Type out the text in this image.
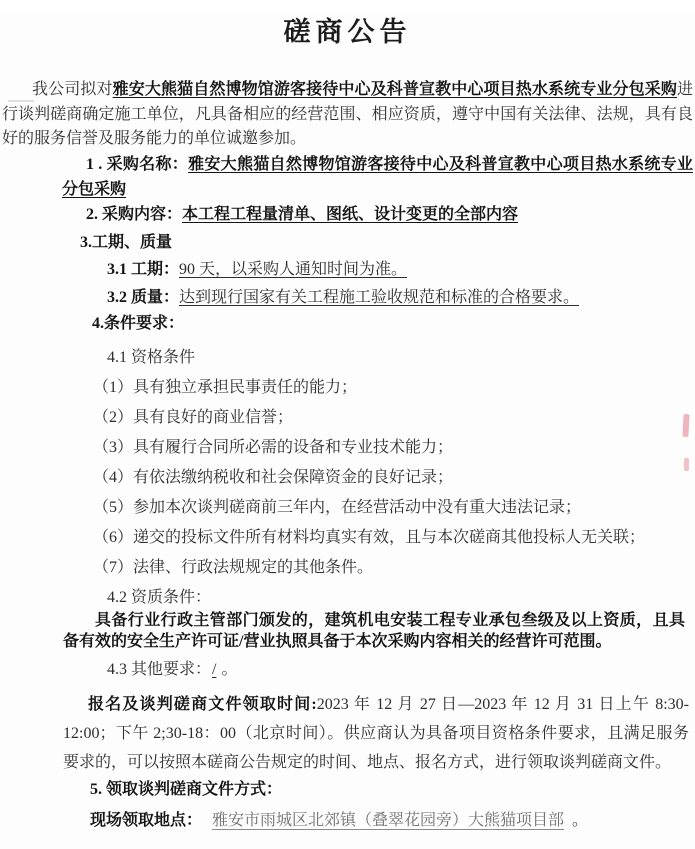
磋商公告

我公司拟对雅安大熊猫自然博物馆游客接待中心及科普宣教中心项目热水系统专业分包采购进行谈判磋商确定施工单位，凡具备相应的经营范围、相应资质，遵守中国有关法律、法规，具有良好的服务信誉及服务能力的单位诚邀参加。

1 . 采购名称：雅安大熊猫自然博物馆游客接待中心及科普宣教中心项目热水系统专业分包采购

2. 采购内容：本工程工程量清单、图纸、设计变更的全部内容

3.工期、质量

3.1 工期：90 天，以采购人通知时间为准。

3.2 质量：达到现行国家有关工程施工验收规范和标准的合格要求。

4.条件要求：

4.1 资格条件

（1）具有独立承担民事责任的能力；

（2）具有良好的商业信誉；

（3）具有履行合同所必需的设备和专业技术能力；

（4）有依法缴纳税收和社会保障资金的良好记录；

（5）参加本次谈判磋商前三年内，在经营活动中没有重大违法记录；

（6）递交的投标文件所有材料均真实有效，且与本次磋商其他投标人无关联；

（7）法律、行政法规规定的其他条件。

4.2 资质条件：

具备行业行政主管部门颁发的，建筑机电安装工程专业承包叁级及以上资质，且具备有效的安全生产许可证/营业执照具备于本次采购内容相关的经营许可范围。

4.3 其他要求：/ 。

报名及谈判磋商文件领取时间:2023 年 12 月 27 日—2023 年 12 月 31 日上午 8:30-12:00；下午 2;30-18：00（北京时间）。供应商认为具备项目资格条件要求，且满足服务要求的，可以按照本磋商公告规定的时间、地点、报名方式，进行领取谈判磋商文件。

5. 领取谈判磋商文件方式：

现场领取地点： 雅安市雨城区北郊镇（叠翠花园旁）大熊猫项目部 。
